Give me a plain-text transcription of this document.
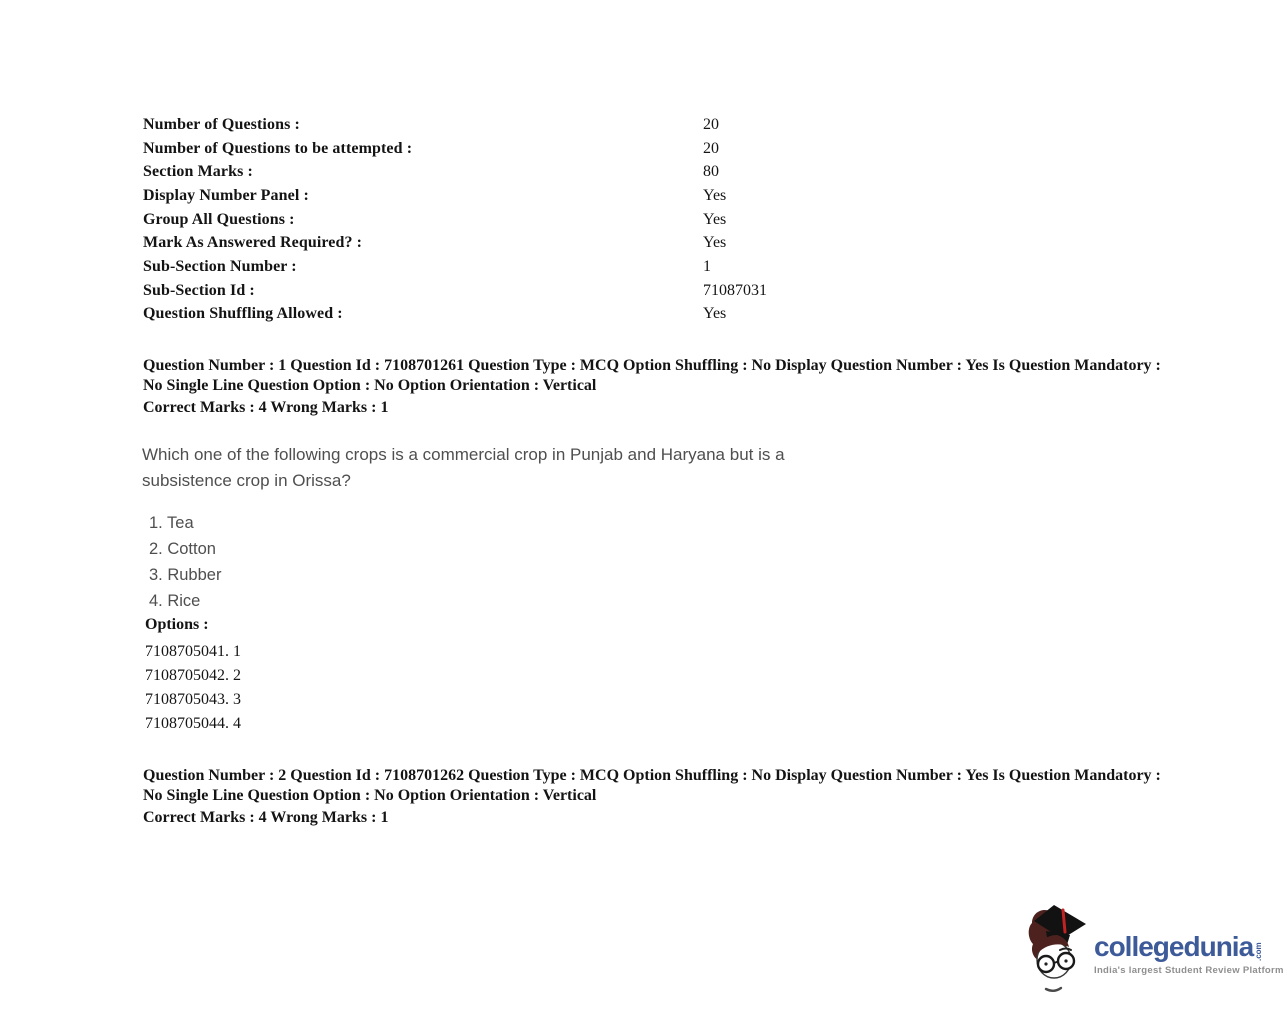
Number of Questions :	20
Number of Questions to be attempted :	20
Section Marks :	80
Display Number Panel :	Yes
Group All Questions :	Yes
Mark As Answered Required? :	Yes
Sub-Section Number :	1
Sub-Section Id :	71087031
Question Shuffling Allowed :	Yes

Question Number : 1 Question Id : 7108701261 Question Type : MCQ Option Shuffling : No Display Question Number : Yes Is Question Mandatory : No Single Line Question Option : No Option Orientation : Vertical

Correct Marks : 4 Wrong Marks : 1

Which one of the following crops is a commercial crop in Punjab and Haryana but is a subsistence crop in Orissa?

1. Tea
2. Cotton
3. Rubber
4. Rice

Options :

7108705041. 1
7108705042. 2
7108705043. 3
7108705044. 4

Question Number : 2 Question Id : 7108701262 Question Type : MCQ Option Shuffling : No Display Question Number : Yes Is Question Mandatory : No Single Line Question Option : No Option Orientation : Vertical

Correct Marks : 4 Wrong Marks : 1

collegedunia .com
India's largest Student Review Platform
